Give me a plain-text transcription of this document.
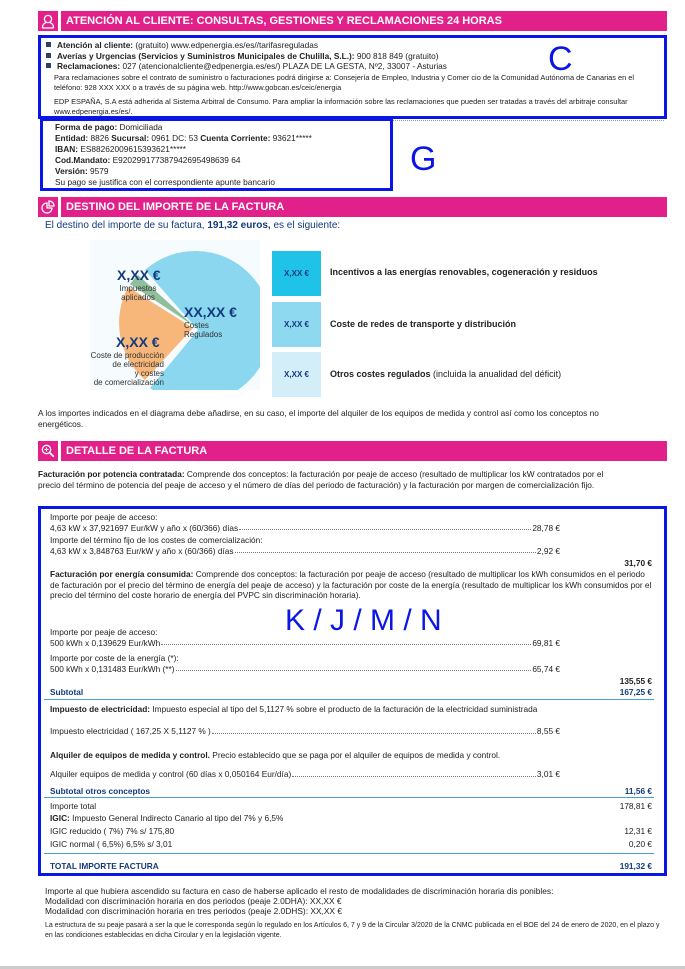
ATENCIÓN AL CLIENTE: CONSULTAS, GESTIONES Y RECLAMACIONES 24 HORAS
Atención al cliente: (gratuito) www.edpenergia.es/es//tarifasreguladas
Averías y Urgencias (Servicios y Suministros Municipales de Chulilla, S.L.): 900 818 849 (gratuito)
Reclamaciones: 027 (atencionalcliente@edpenergia.es/es/) PLAZA DE LA GESTA, Nº2, 33007 - Asturias	C
Para reclamaciones sobre el contrato de suministro o facturaciones podrá dirigirse a: Consejería de Empleo, Industria y Comer cio de la Comunidad Autónoma de Canarias en el teléfono: 928 XXX XXX o a través de su página web. http://www.gobcan.es/ceic/energia
EDP ESPAÑA, S.A está adherida al Sistema Arbitral de Consumo. Para ampliar la información sobre las reclamaciones que pueden ser tratadas a través del arbitraje consultar www.edpenergia.es/es/.
Forma de pago: Domiciliada
Entidad: 8826 Sucursal: 0961 DC: 53 Cuenta Corriente: 93621*****
IBAN: ES88262009615393621*****
Cod.Mandato: E920299177387942695498639 64
Versión: 9579
Su pago se justifica con el correspondiente apunte bancario
G
DESTINO DEL IMPORTE DE LA FACTURA
El destino del importe de su factura, 191,32 euros, es el siguiente:
X,XX €
Impuestos
aplicados
XX,XX €
Costes
Regulados
X,XX €
Coste de producción
de electricidad
y costes
de comercialización
X,XX €	Incentivos a las energías renovables, cogeneración y residuos
X,XX €	Coste de redes de transporte y distribución
X,XX €	Otros costes regulados (incluida la anualidad del déficit)
A los importes indicados en el diagrama debe añadirse, en su caso, el importe del alquiler de los equipos de medida y control así como los conceptos no energéticos.
DETALLE DE LA FACTURA
Facturación por potencia contratada: Comprende dos conceptos: la facturación por peaje de acceso (resultado de multiplicar los kW contratados por el precio del término de potencia del peaje de acceso y el número de días del periodo de facturación) y la facturación por margen de comercialización fijo.
Importe por peaje de acceso:
4,63 kW x 37,921697 Eur/kW y año x (60/366) días	28,78 €
Importe del término fijo de los costes de comercialización:
4,63 kW x 3,848763 Eur/kW y año x (60/366) días	2,92 €
31,70 €
Facturación por energía consumida: Comprende dos conceptos: la facturación por peaje de acceso (resultado de multiplicar los kWh consumidos en el periodo de facturación por el precio del término de energía del peaje de acceso) y la facturación por coste de la energía (resultado de multiplicar los kWh consumidos por el precio del término del coste horario de energía del PVPC sin discriminación horaria).
K / J / M / N
Importe por peaje de acceso:
500 kWh x 0,139629 Eur/kWh	69,81 €
Importe por coste de la energía (*):
500 kWh x 0,131483 Eur/kWh (**)	65,74 €
135,55 €
Subtotal	167,25 €
Impuesto de electricidad: Impuesto especial al tipo del 5,1127 % sobre el producto de la facturación de la electricidad suministrada
Impuesto electricidad ( 167,25 X 5,1127 % )	8,55 €
Alquiler de equipos de medida y control. Precio establecido que se paga por el alquiler de equipos de medida y control.
Alquiler equipos de medida y control (60 días x 0,050164 Eur/día)	3,01 €
Subtotal otros conceptos	11,56 €
Importe total	178,81 €
IGIC: Impuesto General Indirecto Canario al tipo del 7% y 6,5%
IGIC reducido ( 7%) 7% s/ 175,80	12,31 €
IGIC normal ( 6,5%) 6,5% s/ 3,01	0,20 €
TOTAL IMPORTE FACTURA	191,32 €
Importe al que hubiera ascendido su factura en caso de haberse aplicado el resto de modalidades de discriminación horaria dis ponibles:
Modalidad con discriminación horaria en dos periodos (peaje 2.0DHA): XX,XX €
Modalidad con discriminación horaria en tres periodos (peaje 2.0DHS): XX,XX €
La estructura de su peaje pasará a ser la que le corresponda según lo regulado en los Artículos 6, 7 y 9 de la Circular 3/2020 de la CNMC publicada en el BOE del 24 de enero de 2020, en el plazo y en las condiciones establecidas en dicha Circular y en la legislación vigente.
